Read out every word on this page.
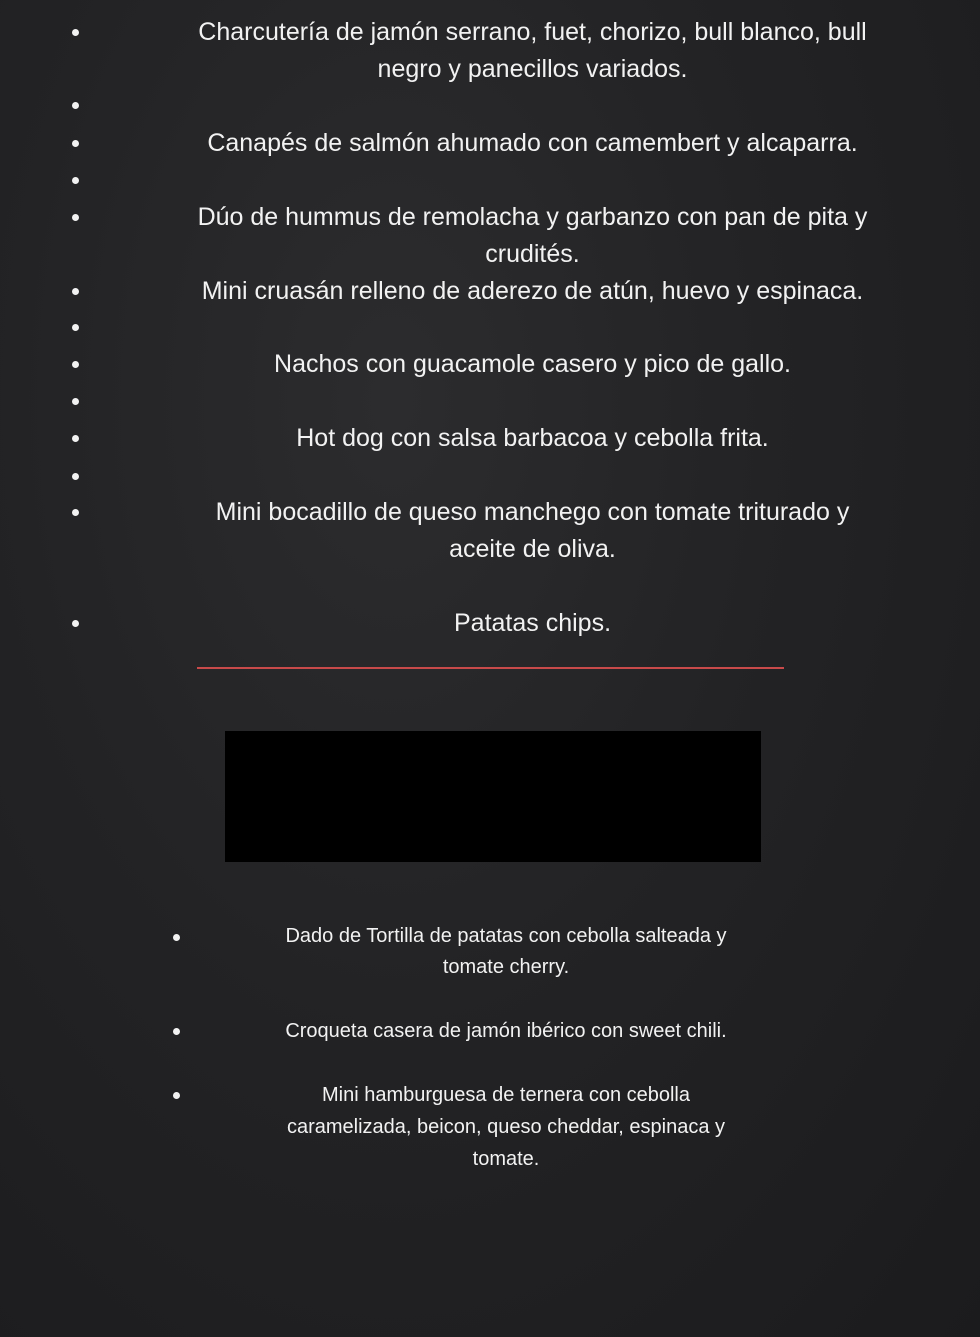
Charcutería de jamón serrano, fuet, chorizo, bull blanco, bull
negro y panecillos variados.
Canapés de salmón ahumado con camembert y alcaparra.
Dúo de hummus de remolacha y garbanzo con pan de pita y
crudités.
Mini cruasán relleno de aderezo de atún, huevo y espinaca.
Nachos con guacamole casero y pico de gallo.
Hot dog con salsa barbacoa y cebolla frita.
Mini bocadillo de queso manchego con tomate triturado y
aceite de oliva.
Patatas chips.
Dado de Tortilla de patatas con cebolla salteada y
tomate cherry.
Croqueta casera de jamón ibérico con sweet chili.
Mini hamburguesa de ternera con cebolla
caramelizada, beicon, queso cheddar, espinaca y
tomate.
